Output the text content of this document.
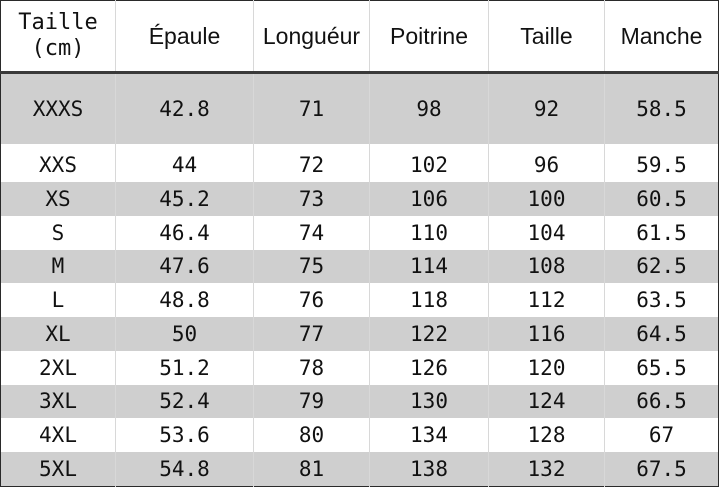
Taille
(cm)	Épaule	Longuéur	Poitrine	Taille	Manche
XXXS	42.8	71	98	92	58.5

XXS	44	72	102	96	59.5
XS	45.2	73	106	100	60.5
S	46.4	74	110	104	61.5
M	47.6	75	114	108	62.5
L	48.8	76	118	112	63.5
XL	50	77	122	116	64.5
2XL	51.2	78	126	120	65.5
3XL	52.4	79	130	124	66.5
4XL	53.6	80	134	128	67
5XL	54.8	81	138	132	67.5
